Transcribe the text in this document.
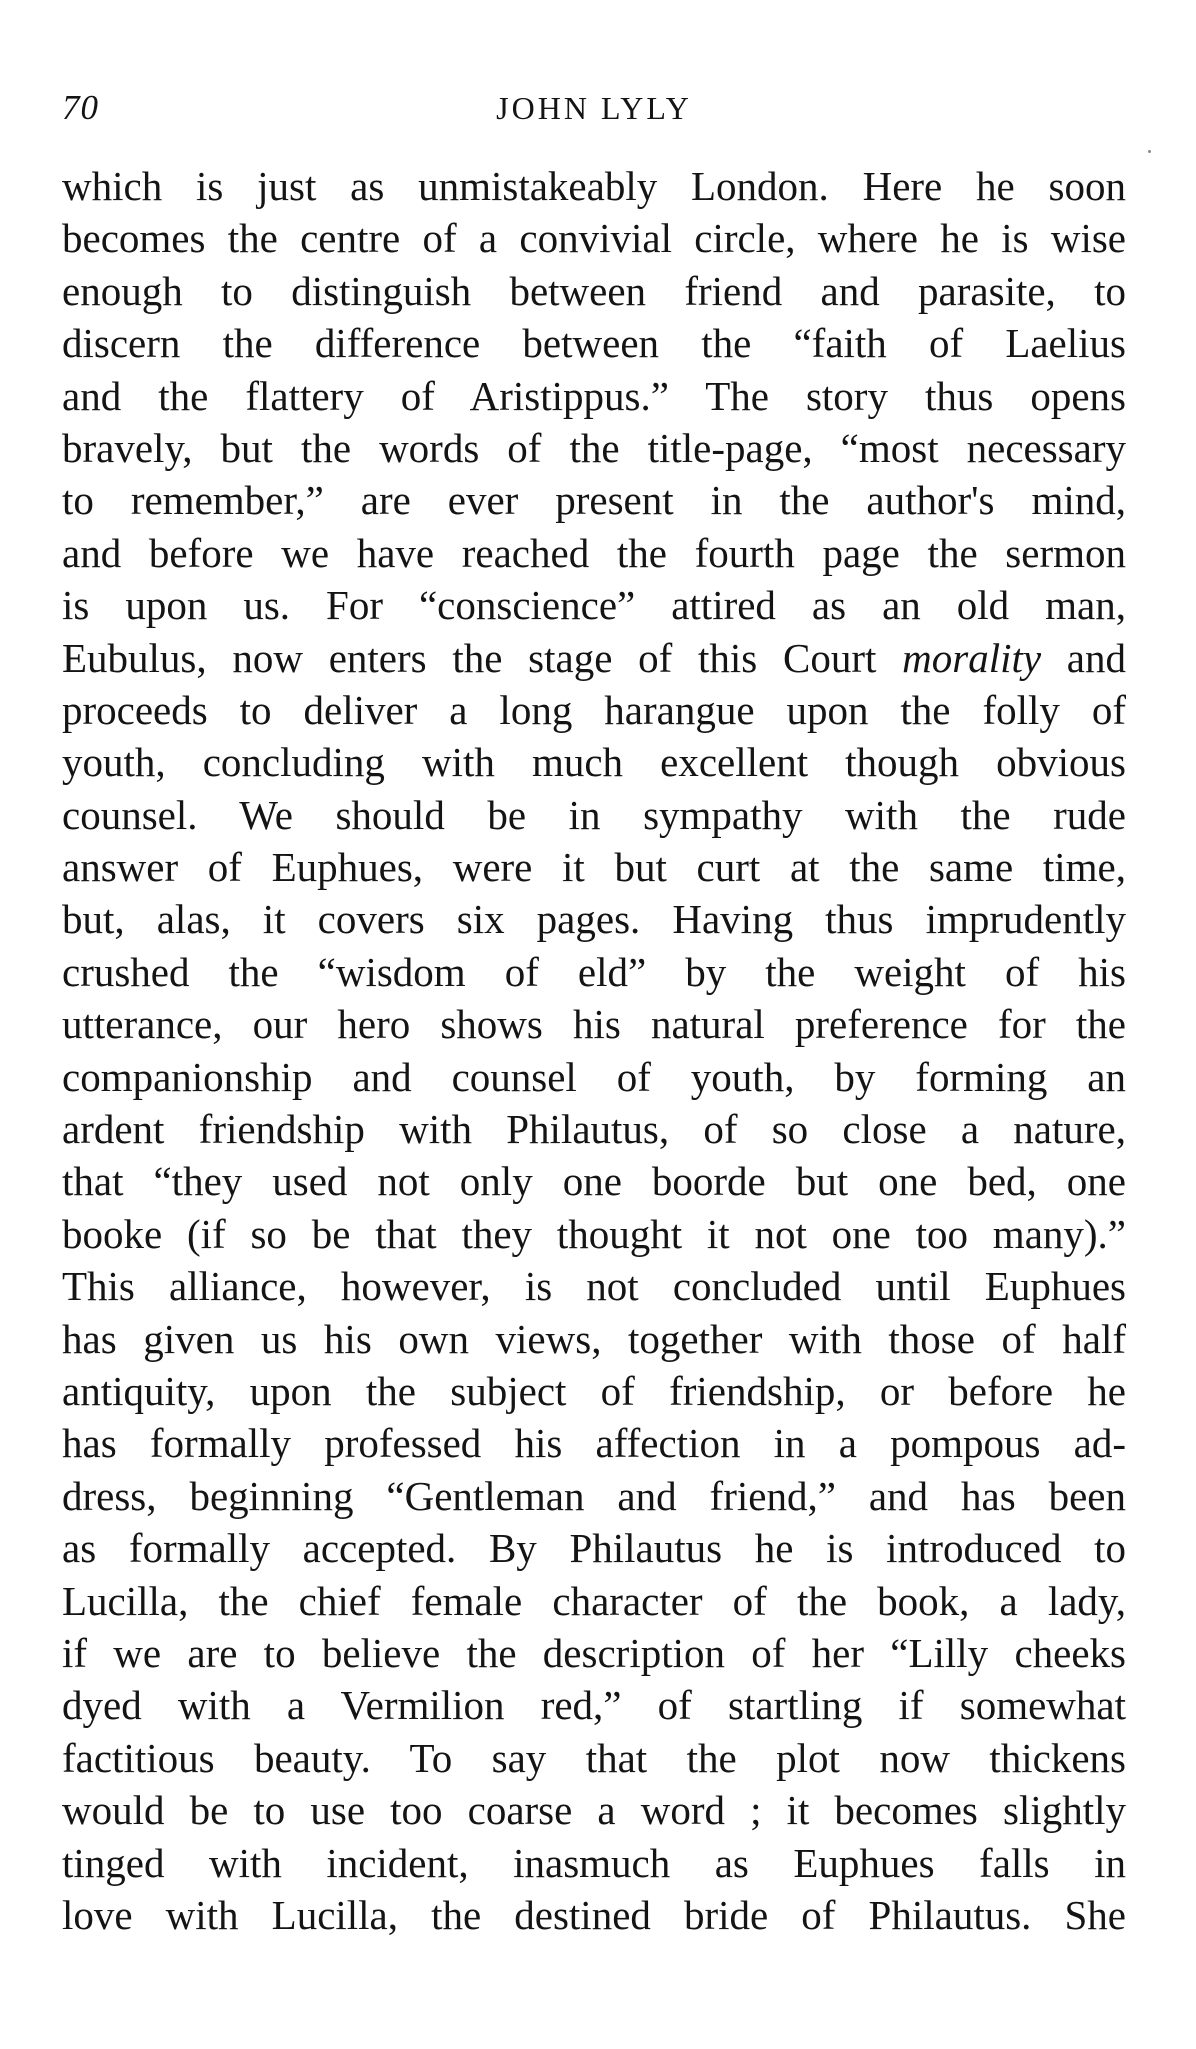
70	JOHN LYLY
which is just as unmistakeably London. Here he soon
becomes the centre of a convivial circle, where he is wise
enough to distinguish between friend and parasite, to
discern the difference between the “faith of Laelius
and the flattery of Aristippus.” The story thus opens
bravely, but the words of the title-page, “most necessary
to remember,” are ever present in the author's mind,
and before we have reached the fourth page the sermon
is upon us. For “conscience” attired as an old man,
Eubulus, now enters the stage of this Court morality and
proceeds to deliver a long harangue upon the folly of
youth, concluding with much excellent though obvious
counsel. We should be in sympathy with the rude
answer of Euphues, were it but curt at the same time,
but, alas, it covers six pages. Having thus imprudently
crushed the “wisdom of eld” by the weight of his
utterance, our hero shows his natural preference for the
companionship and counsel of youth, by forming an
ardent friendship with Philautus, of so close a nature,
that “they used not only one boorde but one bed, one
booke (if so be that they thought it not one too many).”
This alliance, however, is not concluded until Euphues
has given us his own views, together with those of half
antiquity, upon the subject of friendship, or before he
has formally professed his affection in a pompous ad-
dress, beginning “Gentleman and friend,” and has been
as formally accepted. By Philautus he is introduced to
Lucilla, the chief female character of the book, a lady,
if we are to believe the description of her “Lilly cheeks
dyed with a Vermilion red,” of startling if somewhat
factitious beauty. To say that the plot now thickens
would be to use too coarse a word ; it becomes slightly
tinged with incident, inasmuch as Euphues falls in
love with Lucilla, the destined bride of Philautus. She
